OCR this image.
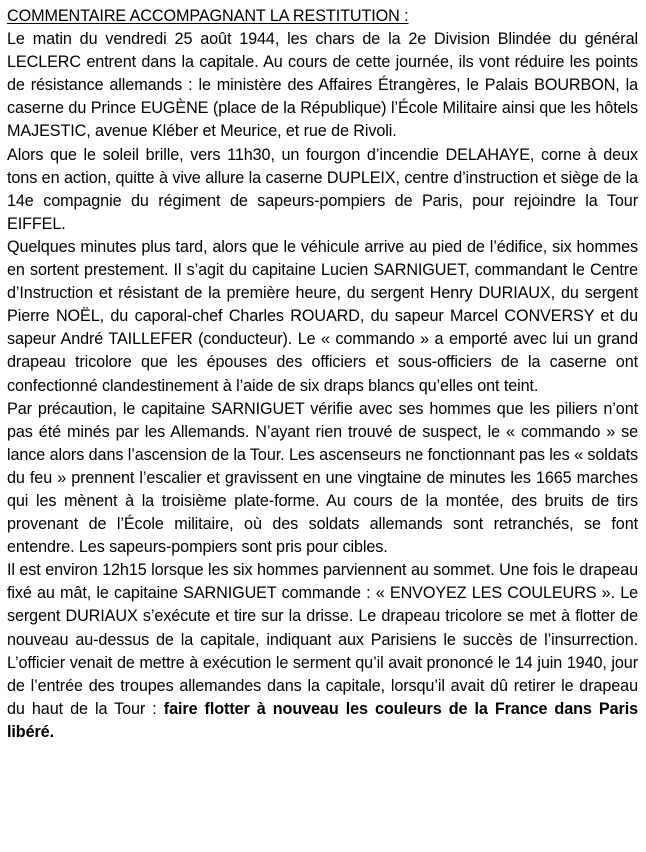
COMMENTAIRE ACCOMPAGNANT LA RESTITUTION :

Le matin du vendredi 25 août 1944, les chars de la 2e Division Blindée du général LECLERC entrent dans la capitale. Au cours de cette journée, ils vont réduire les points de résistance allemands : le ministère des Affaires Étrangères, le Palais BOURBON, la caserne du Prince EUGÈNE (place de la République) l’École Militaire ainsi que les hôtels MAJESTIC, avenue Kléber et Meurice, et rue de Rivoli.

Alors que le soleil brille, vers 11h30, un fourgon d’incendie DELAHAYE, corne à deux tons en action, quitte à vive allure la caserne DUPLEIX, centre d’instruction et siège de la 14e compagnie du régiment de sapeurs-pompiers de Paris, pour rejoindre la Tour EIFFEL.

Quelques minutes plus tard, alors que le véhicule arrive au pied de l’édifice, six hommes en sortent prestement. Il s’agit du capitaine Lucien SARNIGUET, commandant le Centre d’Instruction et résistant de la première heure, du sergent Henry DURIAUX, du sergent Pierre NOËL, du caporal-chef Charles ROUARD, du sapeur Marcel CONVERSY et du sapeur André TAILLEFER (conducteur). Le « commando » a emporté avec lui un grand drapeau tricolore que les épouses des officiers et sous-officiers de la caserne ont confectionné clandestinement à l’aide de six draps blancs qu’elles ont teint.

Par précaution, le capitaine SARNIGUET vérifie avec ses hommes que les piliers n’ont pas été minés par les Allemands. N’ayant rien trouvé de suspect, le « commando » se lance alors dans l’ascension de la Tour. Les ascenseurs ne fonctionnant pas les « soldats du feu » prennent l’escalier et gravissent en une vingtaine de minutes les 1665 marches qui les mènent à la troisième plate-forme. Au cours de la montée, des bruits de tirs provenant de l’École militaire, où des soldats allemands sont retranchés, se font entendre. Les sapeurs-pompiers sont pris pour cibles.

Il est environ 12h15 lorsque les six hommes parviennent au sommet. Une fois le drapeau fixé au mât, le capitaine SARNIGUET commande : « ENVOYEZ LES COULEURS ». Le sergent DURIAUX s’exécute et tire sur la drisse. Le drapeau tricolore se met à flotter de nouveau au-dessus de la capitale, indiquant aux Parisiens le succès de l’insurrection. L’officier venait de mettre à exécution le serment qu’il avait prononcé le 14 juin 1940, jour de l’entrée des troupes allemandes dans la capitale, lorsqu’il avait dû retirer le drapeau du haut de la Tour : faire flotter à nouveau les couleurs de la France dans Paris libéré.
